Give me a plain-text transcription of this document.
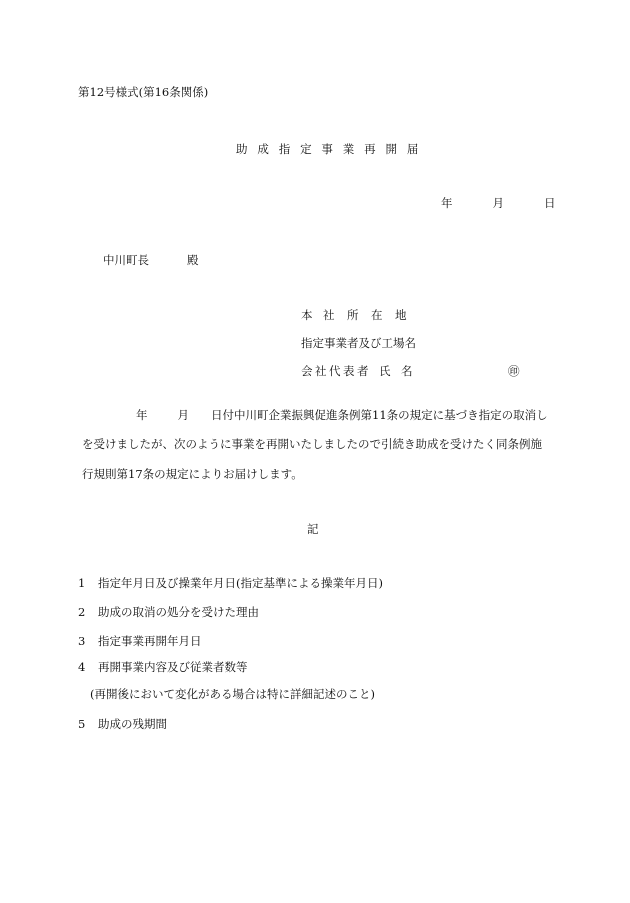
第12号様式(第16条関係)
助 成 指 定 事 業 再 開 届
年	月	日
中川町長	殿
本 社 所 在 地
指定事業者及び工場名
会 社 代 表 者 氏 名	㊞
年	月 日付中川町企業振興促進条例第11条の規定に基づき指定の取消し
を受けましたが、次のように事業を再開いたしましたので引続き助成を受けたく同条例施
行規則第17条の規定によりお届けします。
記
1 指定年月日及び操業年月日(指定基準による操業年月日)
2 助成の取消の処分を受けた理由
3 指定事業再開年月日
4 再開事業内容及び従業者数等
(再開後において変化がある場合は特に詳細記述のこと)
5 助成の残期間
